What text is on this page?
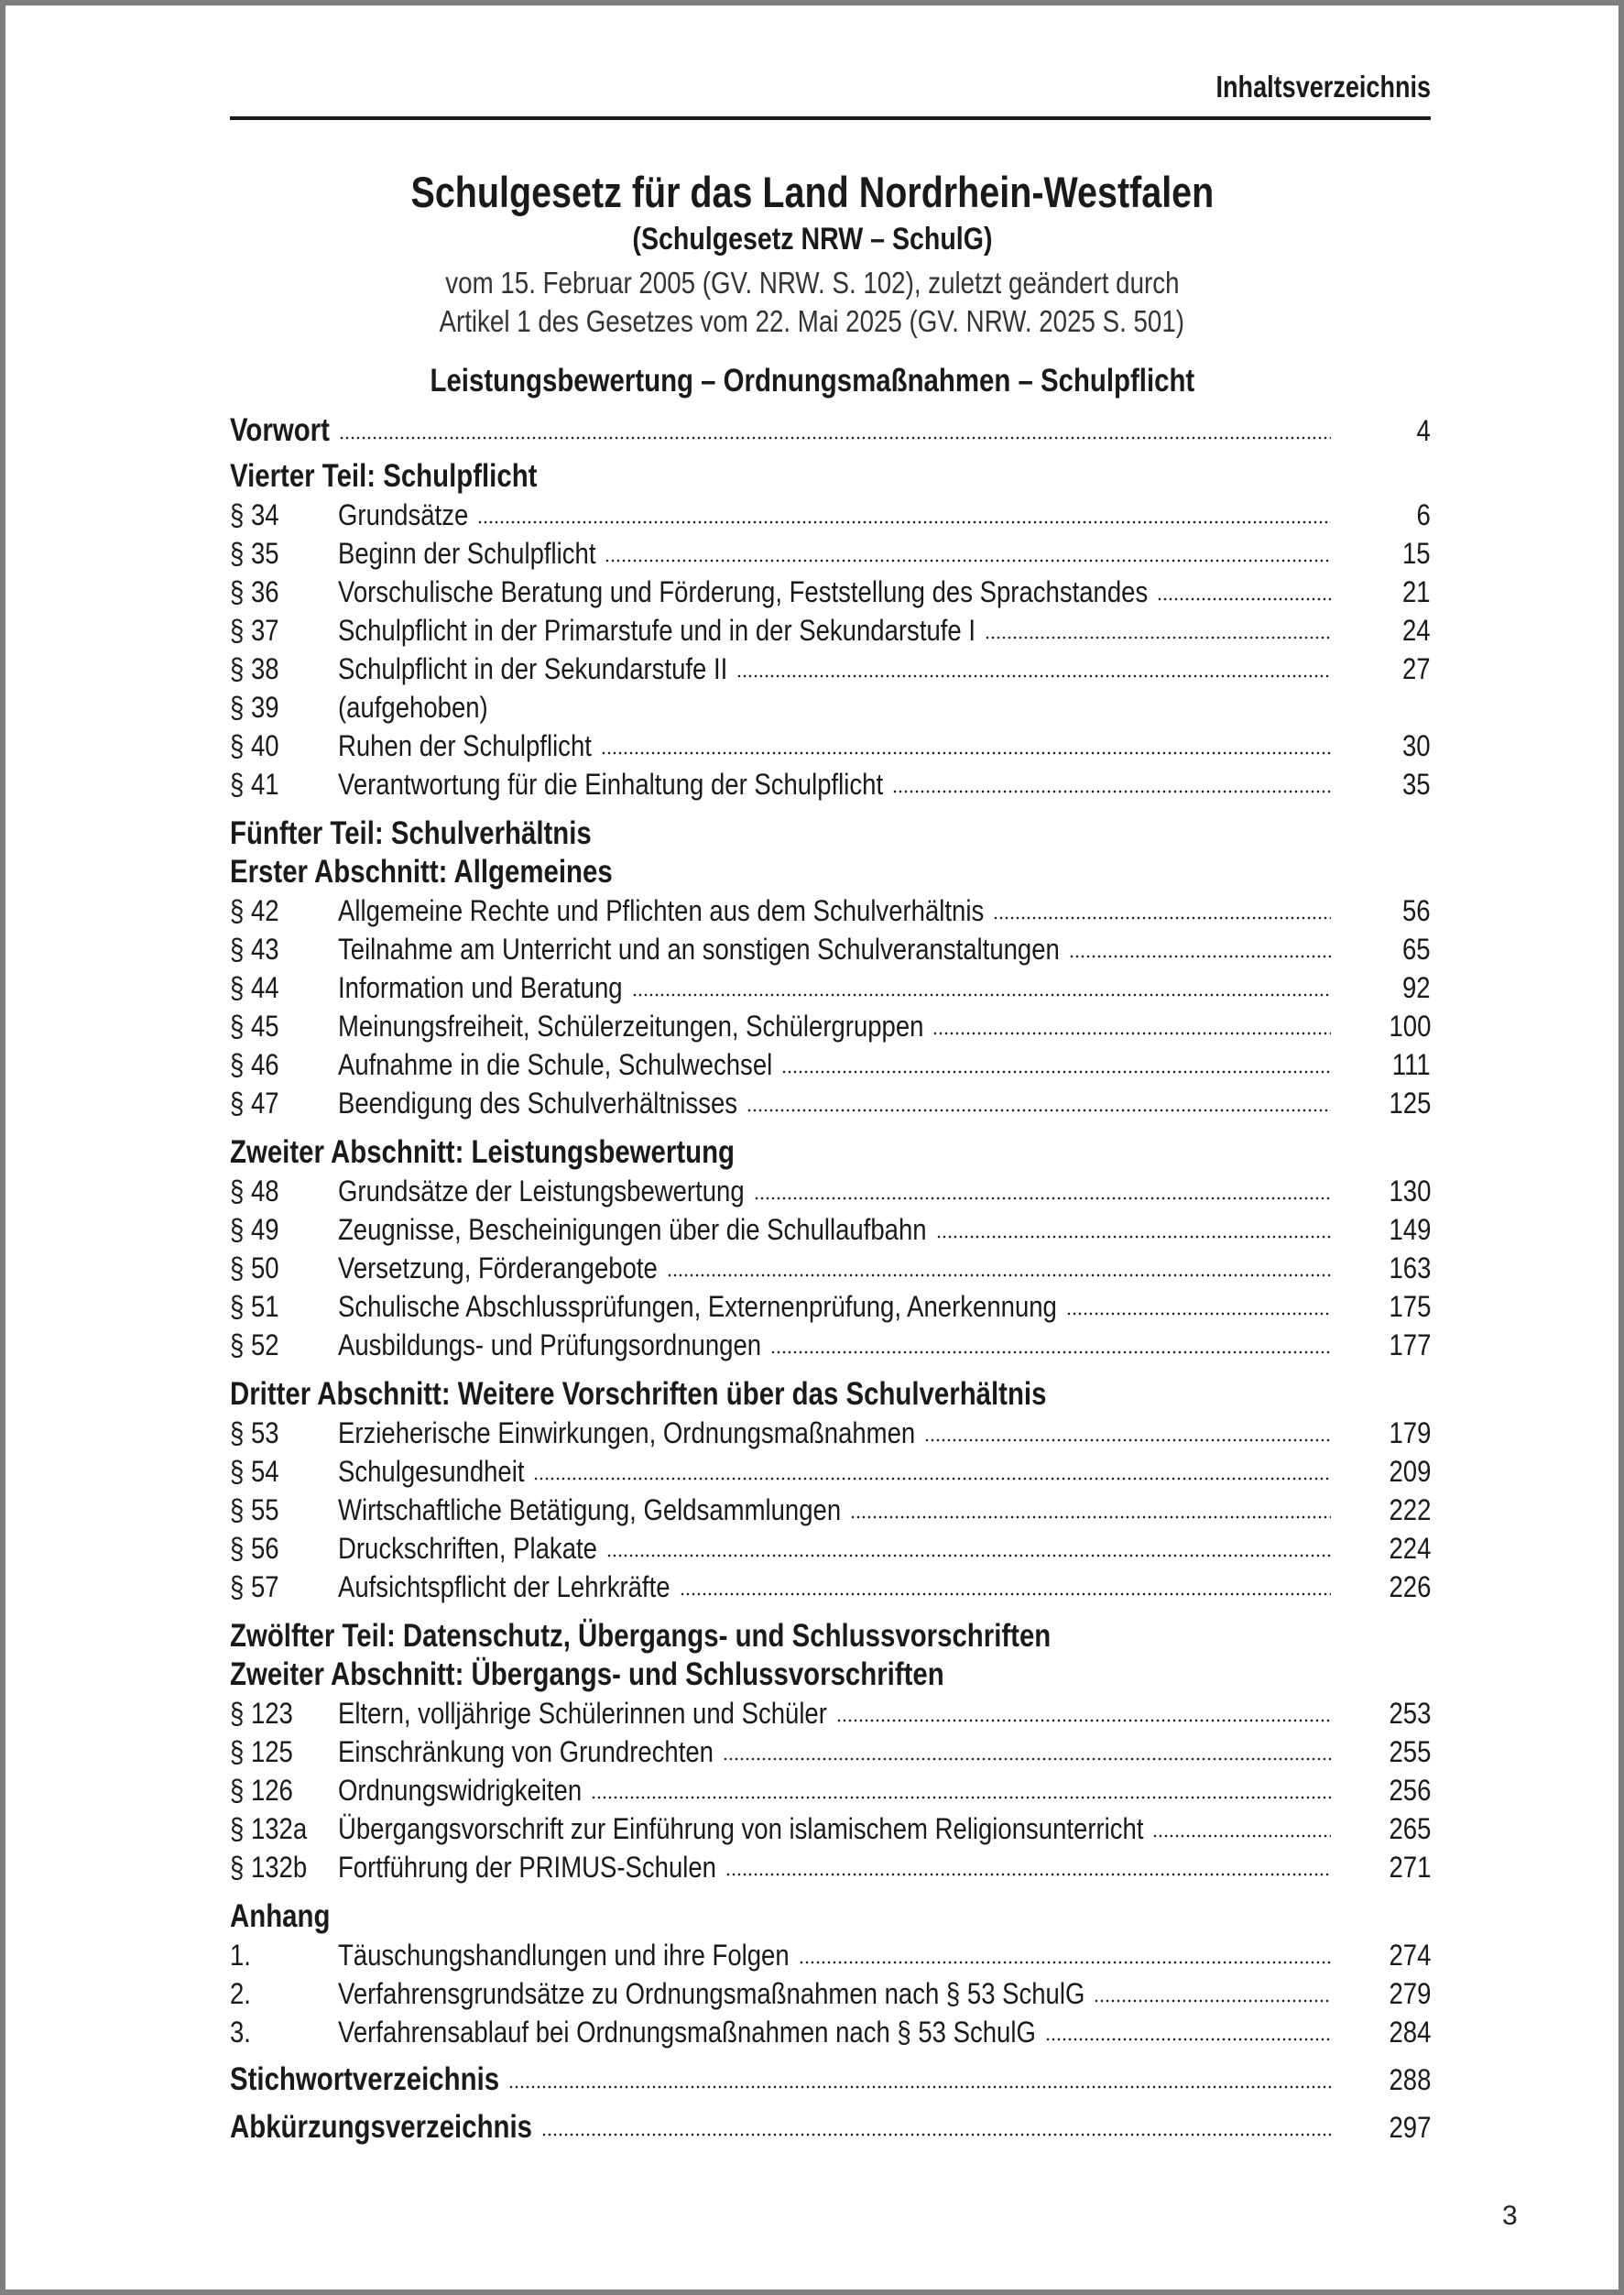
Inhaltsverzeichnis
Schulgesetz für das Land Nordrhein-Westfalen
(Schulgesetz NRW – SchulG)
vom 15. Februar 2005 (GV. NRW. S. 102), zuletzt geändert durch
Artikel 1 des Gesetzes vom 22. Mai 2025 (GV. NRW. 2025 S. 501)
Leistungsbewertung – Ordnungsmaßnahmen – Schulpflicht
Vorwort	4
Vierter Teil: Schulpflicht
§ 34 Grundsätze	6
§ 35 Beginn der Schulpflicht	15
§ 36 Vorschulische Beratung und Förderung, Feststellung des Sprachstandes	21
§ 37 Schulpflicht in der Primarstufe und in der Sekundarstufe I	24
§ 38 Schulpflicht in der Sekundarstufe II	27
§ 39 (aufgehoben)
§ 40 Ruhen der Schulpflicht	30
§ 41 Verantwortung für die Einhaltung der Schulpflicht	35
Fünfter Teil: Schulverhältnis
Erster Abschnitt: Allgemeines
§ 42 Allgemeine Rechte und Pflichten aus dem Schulverhältnis	56
§ 43 Teilnahme am Unterricht und an sonstigen Schulveranstaltungen	65
§ 44 Information und Beratung	92
§ 45 Meinungsfreiheit, Schülerzeitungen, Schülergruppen	100
§ 46 Aufnahme in die Schule, Schulwechsel	111
§ 47 Beendigung des Schulverhältnisses	125
Zweiter Abschnitt: Leistungsbewertung
§ 48 Grundsätze der Leistungsbewertung	130
§ 49 Zeugnisse, Bescheinigungen über die Schullaufbahn	149
§ 50 Versetzung, Förderangebote	163
§ 51 Schulische Abschlussprüfungen, Externenprüfung, Anerkennung	175
§ 52 Ausbildungs- und Prüfungsordnungen	177
Dritter Abschnitt: Weitere Vorschriften über das Schulverhältnis
§ 53 Erzieherische Einwirkungen, Ordnungsmaßnahmen	179
§ 54 Schulgesundheit	209
§ 55 Wirtschaftliche Betätigung, Geldsammlungen	222
§ 56 Druckschriften, Plakate	224
§ 57 Aufsichtspflicht der Lehrkräfte	226
Zwölfter Teil: Datenschutz, Übergangs- und Schlussvorschriften
Zweiter Abschnitt: Übergangs- und Schlussvorschriften
§ 123	Eltern, volljährige Schülerinnen und Schüler	253
§ 125	Einschränkung von Grundrechten	255
§ 126	Ordnungswidrigkeiten	256
§ 132a	Übergangsvorschrift zur Einführung von islamischem Religionsunterricht	265
§ 132b	Fortführung der PRIMUS-Schulen	271
Anhang
1.	Täuschungshandlungen und ihre Folgen	274
2.	Verfahrensgrundsätze zu Ordnungsmaßnahmen nach § 53 SchulG	279
3.	Verfahrensablauf bei Ordnungsmaßnahmen nach § 53 SchulG	284
Stichwortverzeichnis	288
Abkürzungsverzeichnis	297
3
